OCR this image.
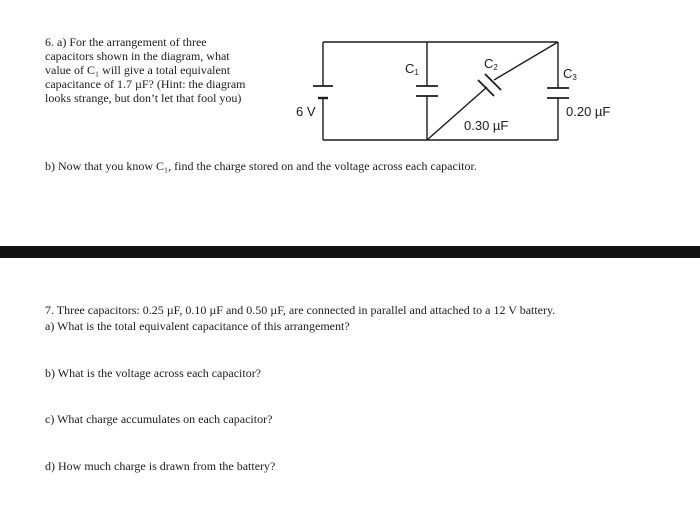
6. a) For the arrangement of three
capacitors shown in the diagram, what
value of C₁ will give a total equivalent
capacitance of 1.7 µF? (Hint: the diagram
looks strange, but don’t let that fool you)
6 V
$C_1$
$C_2$	$C_3$
0.30 µF
0.20 µF
b) Now that you know C₁, find the charge stored on and the voltage across each capacitor.
7. Three capacitors: 0.25 µF, 0.10 µF and 0.50 µF, are connected in parallel and attached to a 12 V battery.
a) What is the total equivalent capacitance of this arrangement?
b) What is the voltage across each capacitor?
c) What charge accumulates on each capacitor?
d) How much charge is drawn from the battery?
